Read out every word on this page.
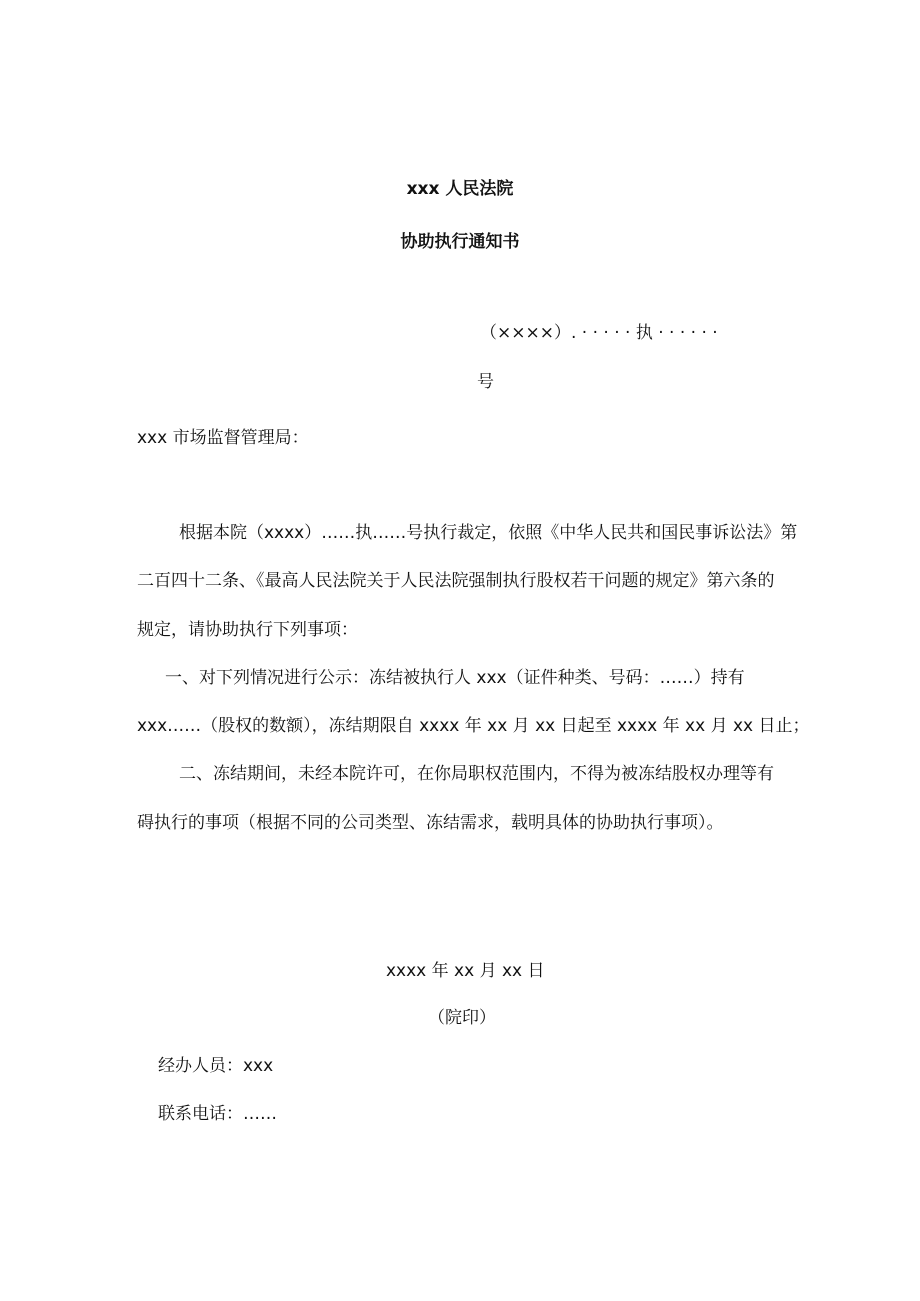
xxx 人民法院

协助执行通知书

（××××）. · · · · · 执 · · · · · ·

号

xxx 市场监督管理局：

根据本院（xxxx）……执……号执行裁定，依照《中华人民共和国民事诉讼法》第

二百四十二条、《最高人民法院关于人民法院强制执行股权若干问题的规定》第六条的

规定，请协助执行下列事项：

一、对下列情况进行公示：冻结被执行人 xxx（证件种类、号码：……）持有

xxx……（股权的数额），冻结期限自 xxxx 年 xx 月 xx 日起至 xxxx 年 xx 月 xx 日止；

二、冻结期间，未经本院许可，在你局职权范围内，不得为被冻结股权办理等有

碍执行的事项（根据不同的公司类型、冻结需求，载明具体的协助执行事项）。

xxxx 年 xx 月 xx 日

（院印）

经办人员：xxx

联系电话：……
